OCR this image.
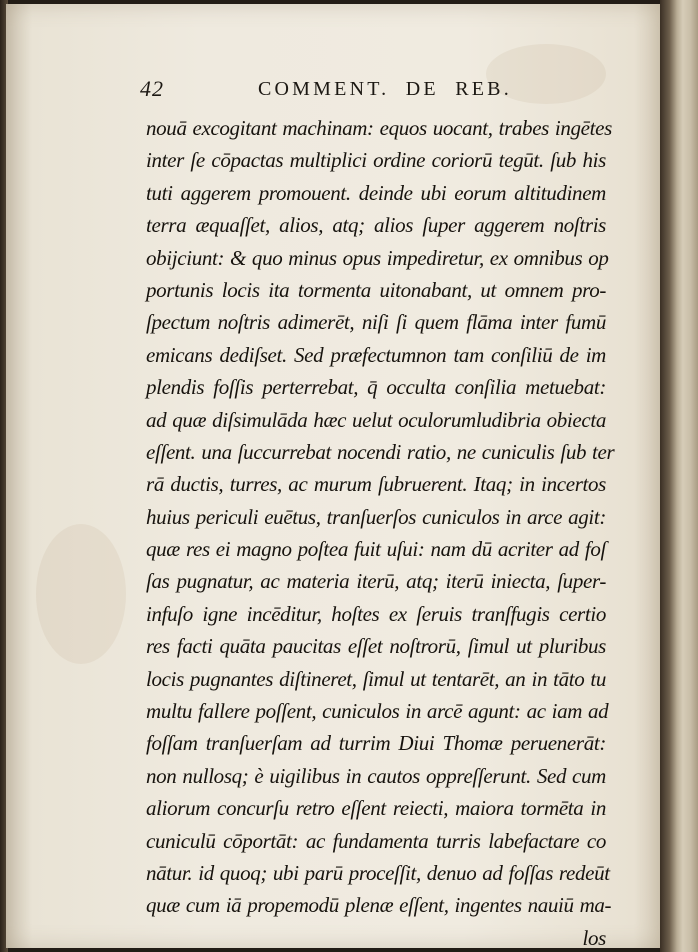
42	COMMENT.  DE  REB.
nouā excogitant machinam: equos uocant, trabes ingētes
inter ſe cōpactas multiplici ordine coriorū tegūt. ſub his
tuti aggerem promouent. deinde ubi eorum altitudinem
terra æquaſſet, alios, atq; alios ſuper aggerem noſtris
obijciunt: & quo minus opus impediretur, ex omnibus op
portunis locis ita tormenta uitonabant, ut omnem pro-
ſpectum noſtris adimerēt, niſi ſi quem flāma inter fumū
emicans dediſset. Sed præfectumnon tam conſiliū de im
plendis foſſis perterrebat, q̄ occulta conſilia metuebat:
ad quæ diſsimulāda hæc uelut oculorumludibria obiecta
eſſent. una ſuccurrebat nocendi ratio, ne cuniculis ſub ter
rā ductis, turres, ac murum ſubruerent. Itaq; in incertos
huius periculi euētus, tranſuerſos cuniculos in arce agit:
quæ res ei magno poſtea fuit uſui: nam dū acriter ad foſ
ſas pugnatur, ac materia iterū, atq; iterū iniecta, ſuper-
infuſo igne incēditur, hoſtes ex ſeruis tranſfugis certio
res facti quāta paucitas eſſet noſtrorū, ſimul ut pluribus
locis pugnantes diſtineret, ſimul ut tentarēt, an in tāto tu
multu fallere poſſent, cuniculos in arcē agunt: ac iam ad
foſſam tranſuerſam ad turrim Diui Thomæ peruenerāt:
non nullosq; è uigilibus in cautos oppreſſerunt. Sed cum
aliorum concurſu retro eſſent reiecti, maiora tormēta in
cuniculū cōportāt: ac fundamenta turris labefactare co
nātur. id quoq; ubi parū proceſſit, denuo ad foſſas redeūt
quæ cum iā propemodū plenæ eſſent, ingentes nauiū ma-
los
